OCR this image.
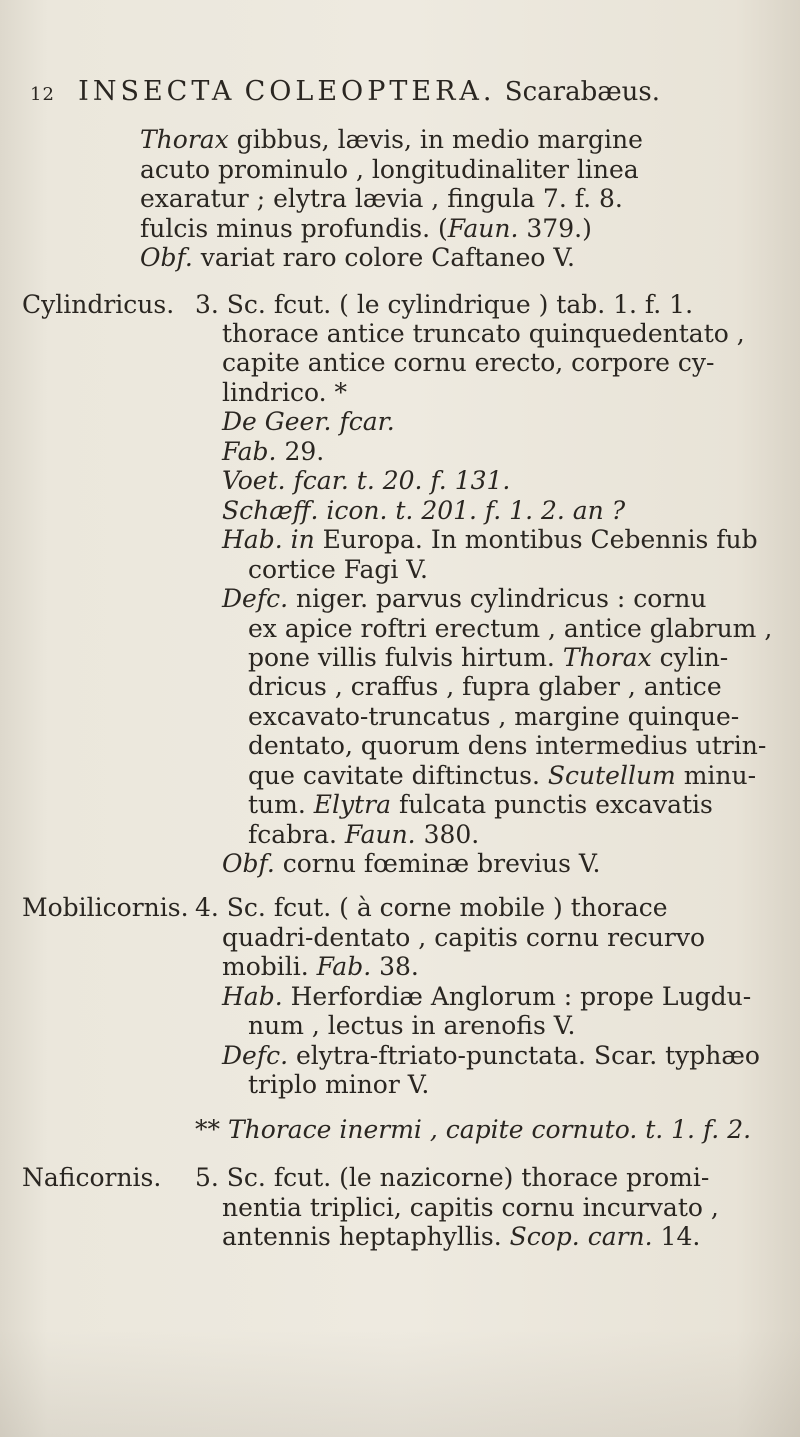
12 INSECTA COLEOPTERA. Scarabæus.
Thorax gibbus, lævis, in medio margine
acuto prominulo , longitudinaliter linea
exaratur ; elytra lævia , fingula 7. f. 8.
fulcis minus profundis. (Faun. 379.)
Obf. variat raro colore Caftaneo V.
Cylindricus. 3. Sc. fcut. ( le cylindrique ) tab. 1. f. 1.
thorace antice truncato quinquedentato ,
capite antice cornu erecto, corpore cy-
lindrico. *
De Geer. fcar.
Fab. 29.
Voet. fcar. t. 20. f. 131.
Schæff. icon. t. 201. f. 1. 2. an ?
Hab. in Europa. In montibus Cebennis fub
cortice Fagi V.
Defc. niger. parvus cylindricus : cornu
ex apice roftri erectum , antice glabrum ,
pone villis fulvis hirtum. Thorax cylin-
dricus , craffus , fupra glaber , antice
excavato-truncatus , margine quinque-
dentato, quorum dens intermedius utrin-
que cavitate diftinctus. Scutellum minu-
tum. Elytra fulcata punctis excavatis
fcabra. Faun. 380.
Obf. cornu fœminæ brevius V.
Mobilicornis. 4. Sc. fcut. ( à corne mobile ) thorace
quadri-dentato , capitis cornu recurvo
mobili. Fab. 38.
Hab. Herfordiæ Anglorum : prope Lugdu-
num , lectus in arenofis V.
Defc. elytra-ftriato-punctata. Scar. typhæo
triplo minor V.
** Thorace inermi , capite cornuto. t. 1. f. 2.
Naficornis. 5. Sc. fcut. (le nazicorne) thorace promi-
nentia triplici, capitis cornu incurvato ,
antennis heptaphyllis. Scop. carn. 14.
